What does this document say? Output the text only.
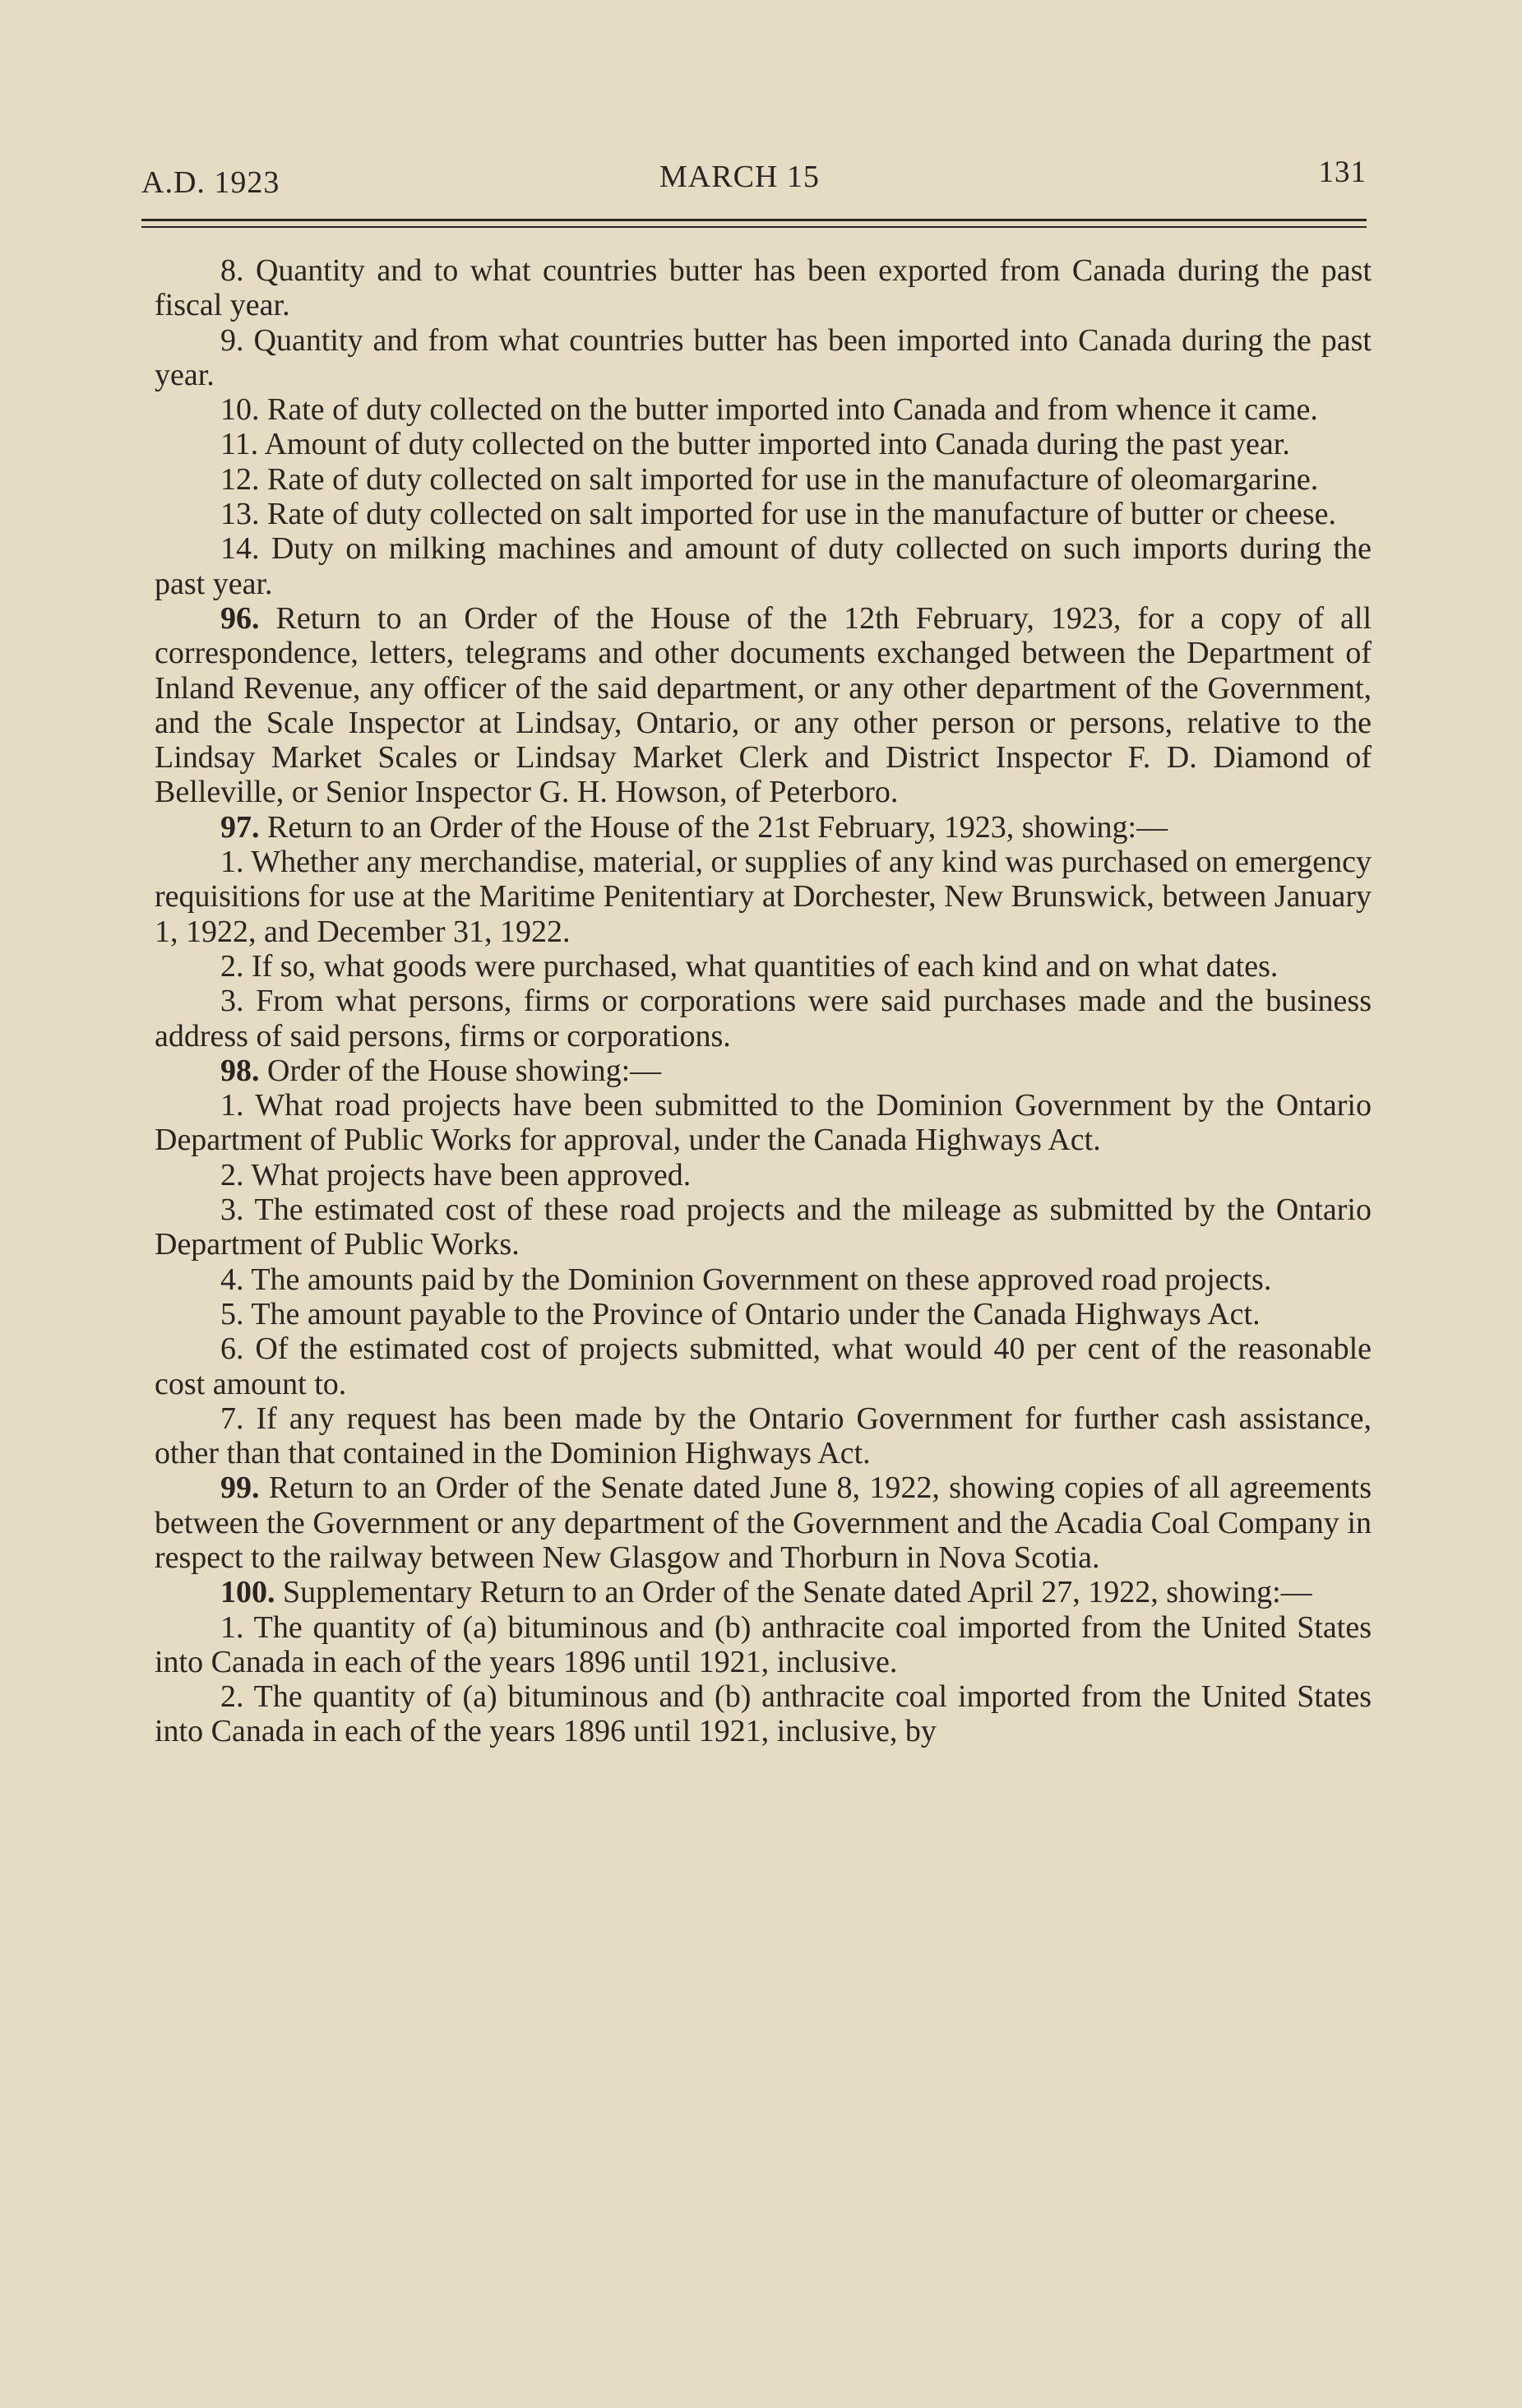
A.D. 1923	MARCH 15	131

8. Quantity and to what countries butter has been exported from Canada during the past fiscal year.

9. Quantity and from what countries butter has been imported into Canada during the past year.

10. Rate of duty collected on the butter imported into Canada and from whence it came.

11. Amount of duty collected on the butter imported into Canada during the past year.

12. Rate of duty collected on salt imported for use in the manufacture of oleomargarine.

13. Rate of duty collected on salt imported for use in the manufacture of butter or cheese.

14. Duty on milking machines and amount of duty collected on such imports during the past year.

96. Return to an Order of the House of the 12th February, 1923, for a copy of all correspondence, letters, telegrams and other documents exchanged between the Department of Inland Revenue, any officer of the said department, or any other department of the Government, and the Scale Inspector at Lindsay, Ontario, or any other person or persons, relative to the Lindsay Market Scales or Lindsay Market Clerk and District Inspector F. D. Diamond of Belleville, or Senior Inspector G. H. Howson, of Peterboro.

97. Return to an Order of the House of the 21st February, 1923, showing:—

1. Whether any merchandise, material, or supplies of any kind was purchased on emergency requisitions for use at the Maritime Penitentiary at Dorchester, New Brunswick, between January 1, 1922, and December 31, 1922.

2. If so, what goods were purchased, what quantities of each kind and on what dates.

3. From what persons, firms or corporations were said purchases made and the business address of said persons, firms or corporations.

98. Order of the House showing:—

1. What road projects have been submitted to the Dominion Government by the Ontario Department of Public Works for approval, under the Canada Highways Act.

2. What projects have been approved.

3. The estimated cost of these road projects and the mileage as submitted by the Ontario Department of Public Works.

4. The amounts paid by the Dominion Government on these approved road projects.

5. The amount payable to the Province of Ontario under the Canada Highways Act.

6. Of the estimated cost of projects submitted, what would 40 per cent of the reasonable cost amount to.

7. If any request has been made by the Ontario Government for further cash assistance, other than that contained in the Dominion Highways Act.

99. Return to an Order of the Senate dated June 8, 1922, showing copies of all agreements between the Government or any department of the Government and the Acadia Coal Company in respect to the railway between New Glasgow and Thorburn in Nova Scotia.

100. Supplementary Return to an Order of the Senate dated April 27, 1922, showing:—

1. The quantity of (a) bituminous and (b) anthracite coal imported from the United States into Canada in each of the years 1896 until 1921, inclusive.

2. The quantity of (a) bituminous and (b) anthracite coal imported from the United States into Canada in each of the years 1896 until 1921, inclusive, by
